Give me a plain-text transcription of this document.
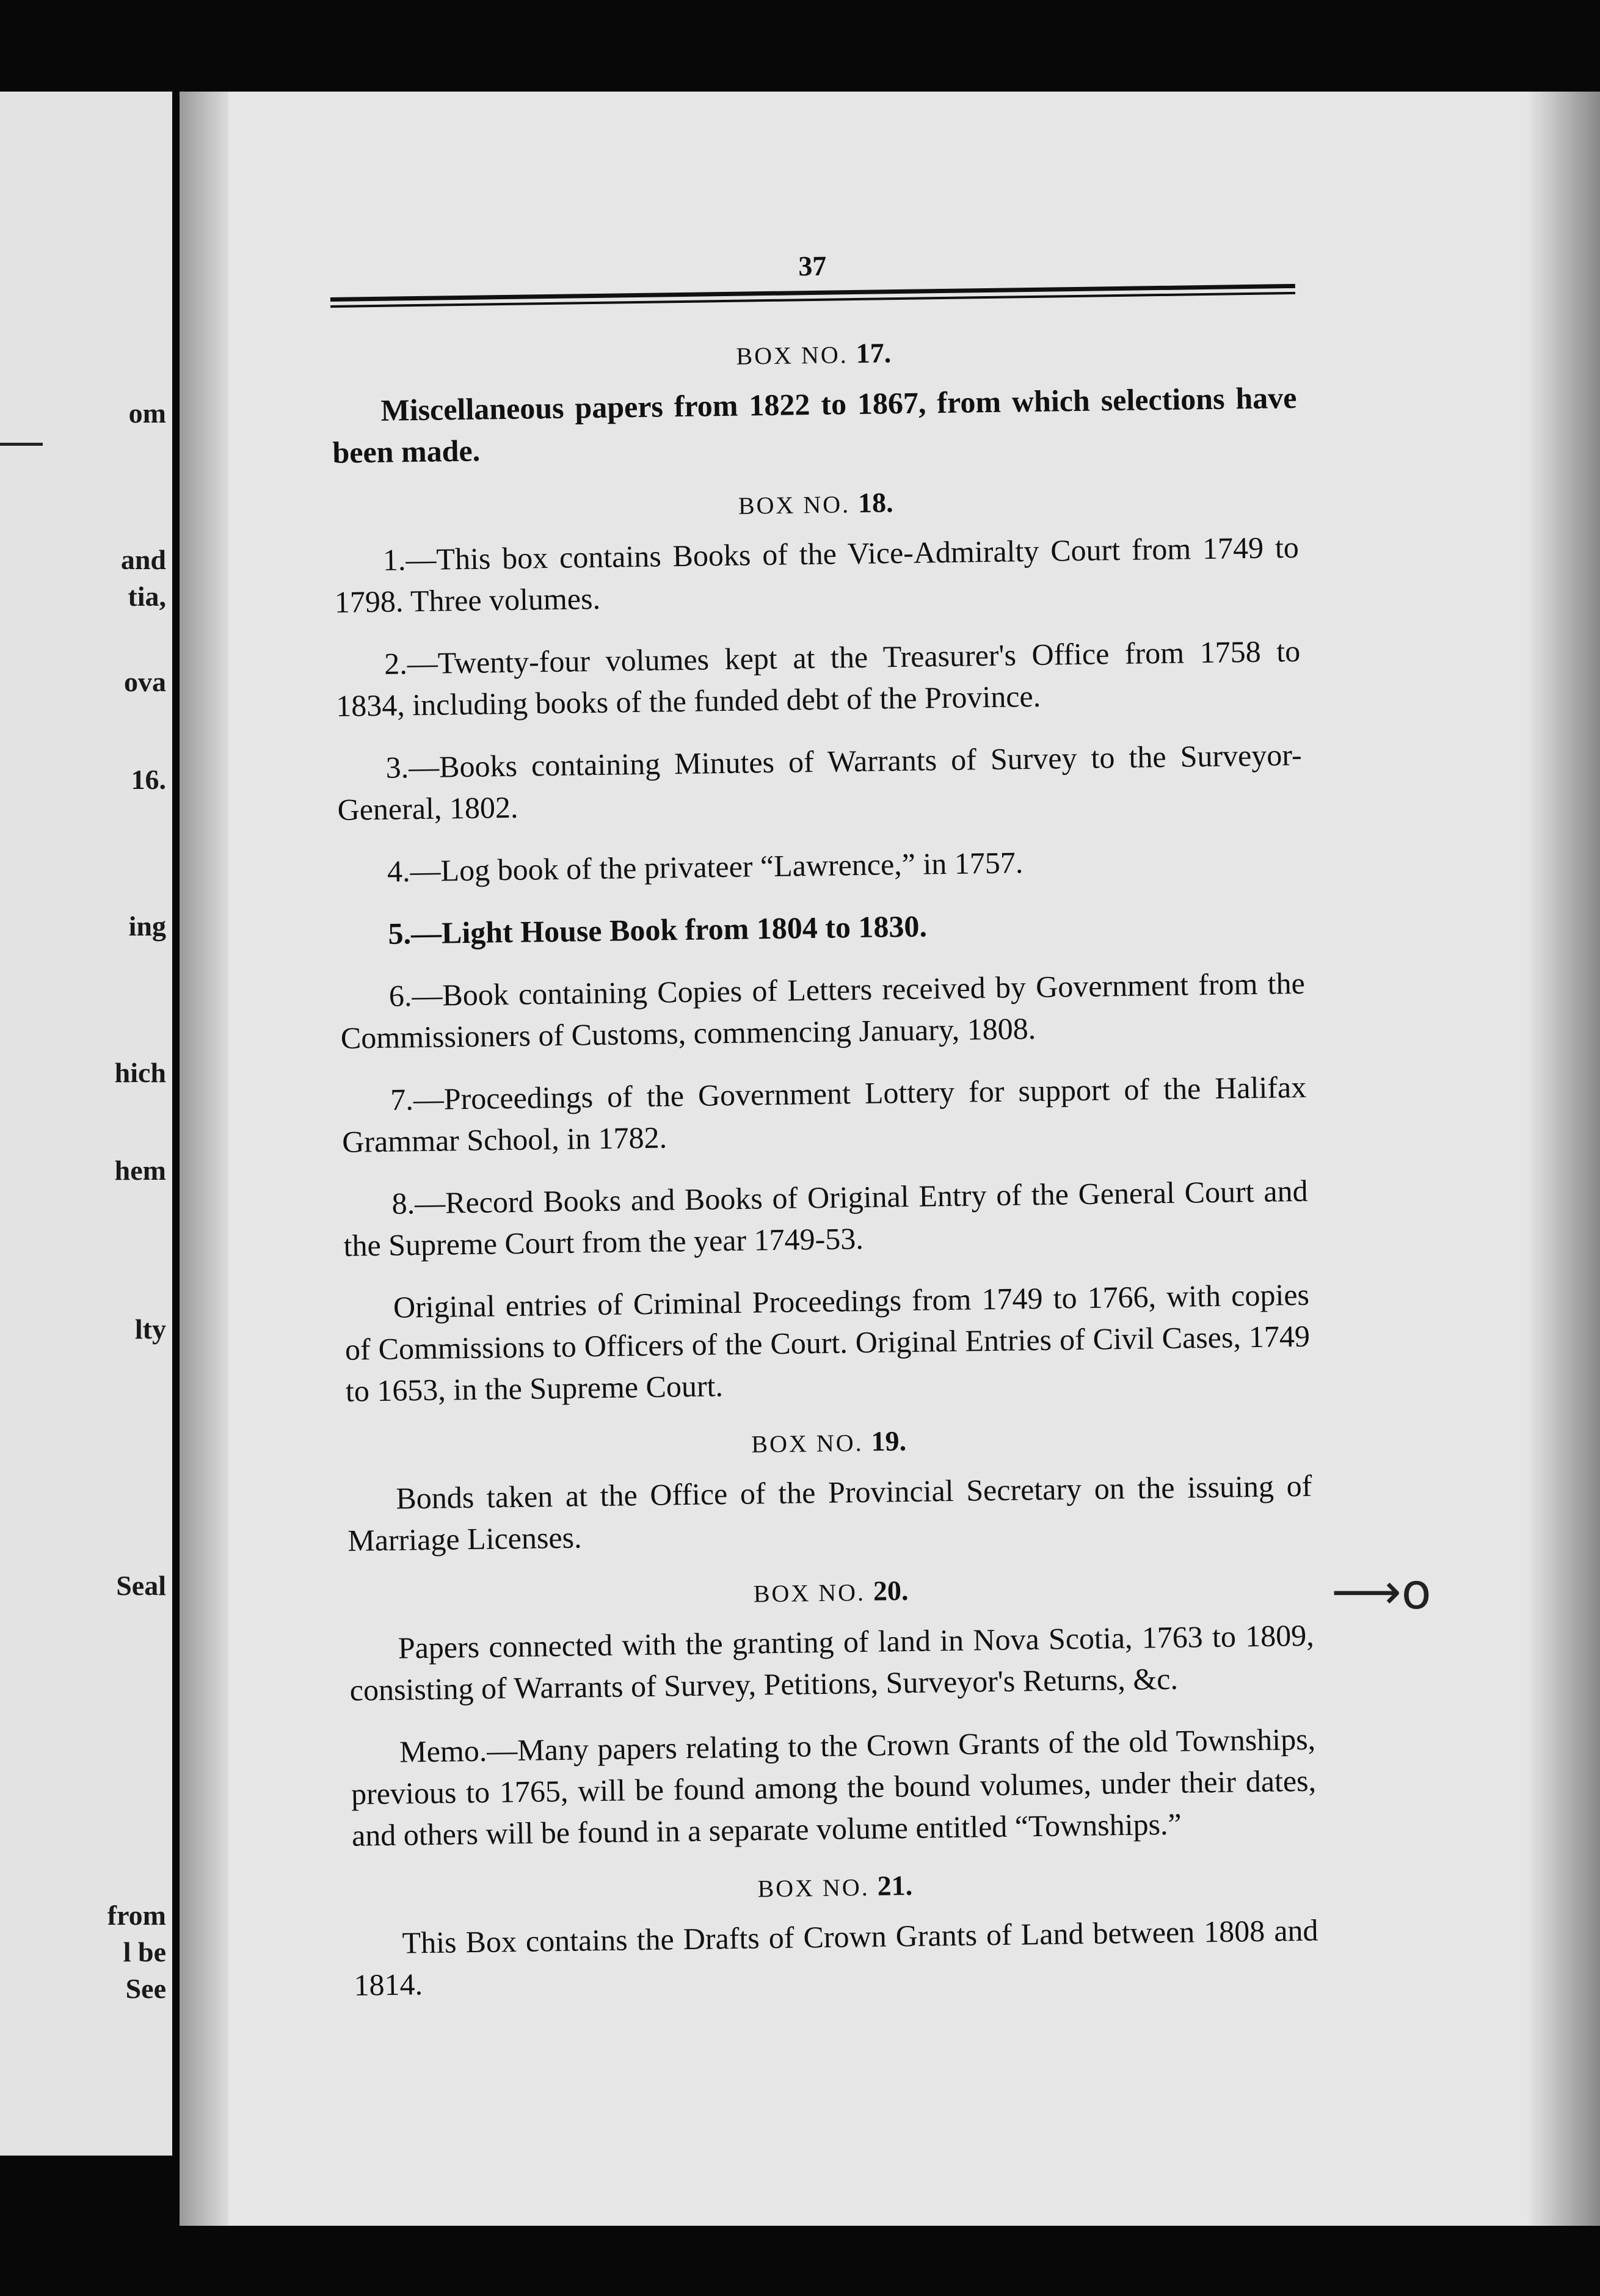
om
and
tia,
ova
16.
ing
hich
hem
lty
Seal
from
l be
See
37
BOX NO. 17.

Miscellaneous papers from 1822 to 1867, from which selections have been made.

BOX NO. 18.

1.—This box contains Books of the Vice-Admiralty Court from 1749 to 1798. Three volumes.

2.—Twenty-four volumes kept at the Treasurer's Office from 1758 to 1834, including books of the funded debt of the Province.

3.—Books containing Minutes of Warrants of Survey to the Surveyor-General, 1802.

4.—Log book of the privateer “Lawrence,” in 1757.

5.—Light House Book from 1804 to 1830.

6.—Book containing Copies of Letters received by Government from the Commissioners of Customs, commencing January, 1808.

7.—Proceedings of the Government Lottery for support of the Halifax Grammar School, in 1782.

8.—Record Books and Books of Original Entry of the General Court and the Supreme Court from the year 1749-53.

Original entries of Criminal Proceedings from 1749 to 1766, with copies of Commissions to Officers of the Court. Original Entries of Civil Cases, 1749 to 1653, in the Supreme Court.

BOX NO. 19.

Bonds taken at the Office of the Provincial Secretary on the issuing of Marriage Licenses.

BOX NO. 20.

Papers connected with the granting of land in Nova Scotia, 1763 to 1809, consisting of Warrants of Survey, Petitions, Surveyor's Returns, &c.

Memo.—Many papers relating to the Crown Grants of the old Townships, previous to 1765, will be found among the bound volumes, under their dates, and others will be found in a separate volume entitled “Townships.”

BOX NO. 21.

This Box contains the Drafts of Crown Grants of Land between 1808 and 1814.

⟶o
